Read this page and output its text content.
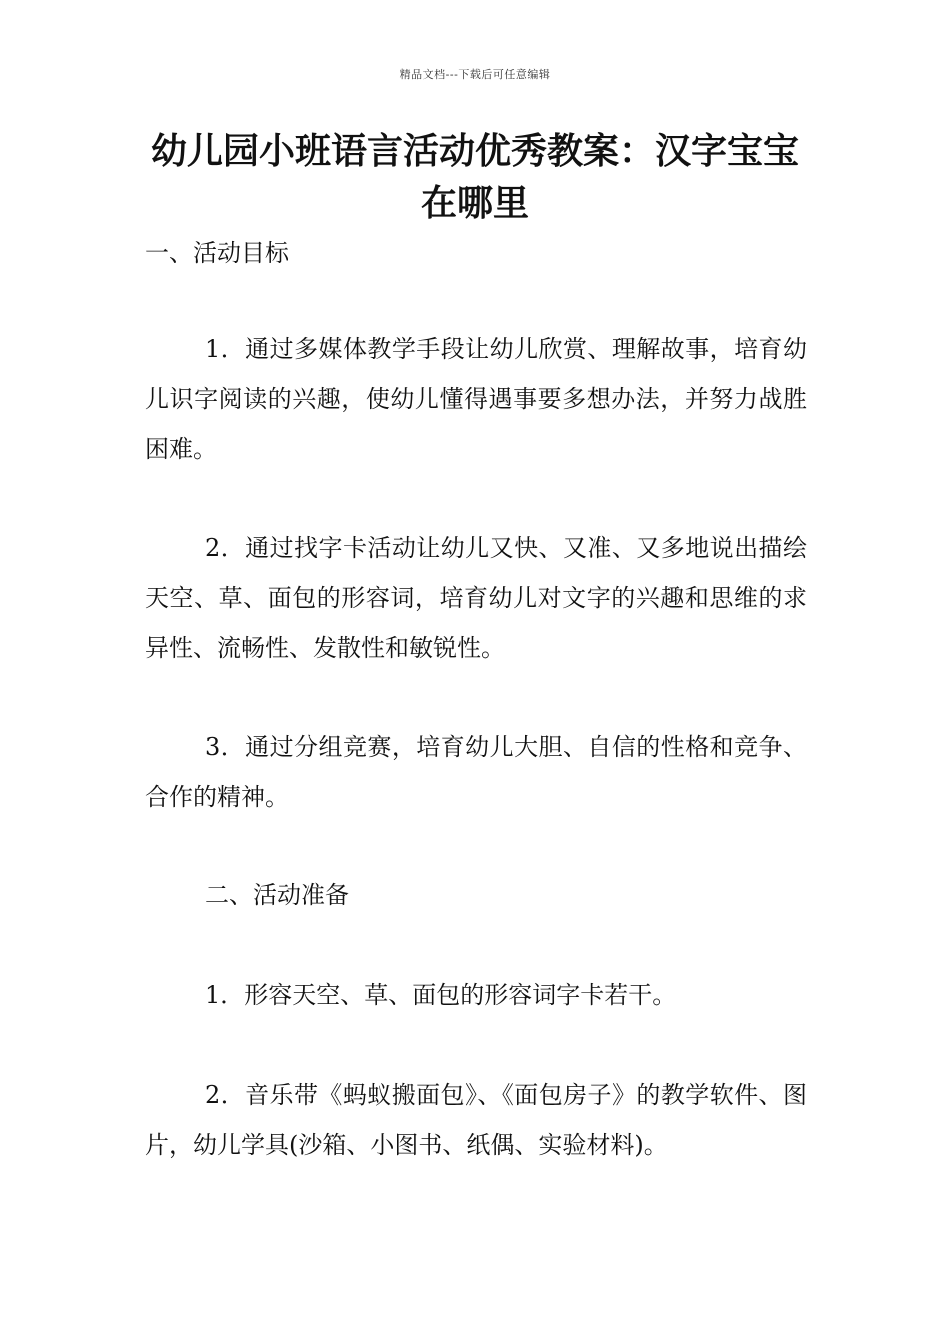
精品文档---下载后可任意编辑
幼儿园小班语言活动优秀教案：汉字宝宝在哪里

一、活动目标

1．通过多媒体教学手段让幼儿欣赏、理解故事，培育幼儿识字阅读的兴趣，使幼儿懂得遇事要多想办法，并努力战胜困难。

2．通过找字卡活动让幼儿又快、又准、又多地说出描绘天空、草、面包的形容词，培育幼儿对文字的兴趣和思维的求异性、流畅性、发散性和敏锐性。

3．通过分组竞赛，培育幼儿大胆、自信的性格和竞争、合作的精神。

二、活动准备

1．形容天空、草、面包的形容词字卡若干。

2．音乐带《蚂蚁搬面包》、《面包房子》的教学软件、图片，幼儿学具(沙箱、小图书、纸偶、实验材料)。
